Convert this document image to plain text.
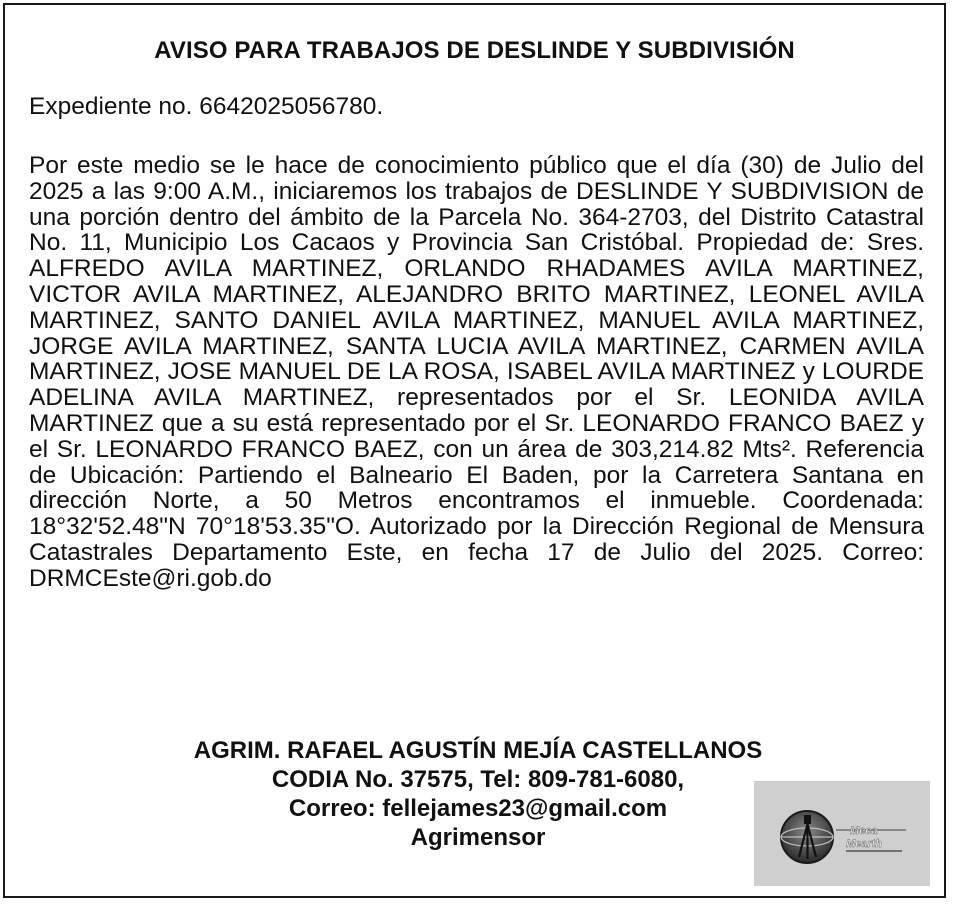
AVISO PARA TRABAJOS DE DESLINDE Y SUBDIVISIÓN
Expediente no. 6642025056780.
Por este medio se le hace de conocimiento público que el día (30) de Julio del 2025 a las 9:00 A.M., iniciaremos los trabajos de DESLINDE Y SUBDIVISION de una porción dentro del ámbito de la Parcela No. 364-2703, del Distrito Catastral No. 11, Municipio Los Cacaos y Provincia San Cristóbal. Propiedad de: Sres. ALFREDO AVILA MARTINEZ, ORLANDO RHADAMES AVILA MARTINEZ, VICTOR AVILA MARTINEZ, ALEJANDRO BRITO MARTINEZ, LEONEL AVILA MARTINEZ, SANTO DANIEL AVILA MARTINEZ, MANUEL AVILA MARTINEZ, JORGE AVILA MARTINEZ, SANTA LUCIA AVILA MARTINEZ, CARMEN AVILA MARTINEZ, JOSE MANUEL DE LA ROSA, ISABEL AVILA MARTINEZ y LOURDE ADELINA AVILA MARTINEZ, representados por el Sr. LEONIDA AVILA MARTINEZ que a su está representado por el Sr. LEONARDO FRANCO BAEZ y el Sr. LEONARDO FRANCO BAEZ, con un área de 303,214.82 Mts². Referencia de Ubicación: Partiendo el Balneario El Baden, por la Carretera Santana en dirección Norte, a 50 Metros encontramos el inmueble. Coordenada: 18°32'52.48"N 70°18'53.35"O. Autorizado por la Dirección Regional de Mensura Catastrales Departamento Este, en fecha 17 de Julio del 2025. Correo: DRMCEste@ri.gob.do
AGRIM. RAFAEL AGUSTÍN MEJÍA CASTELLANOS
CODIA No. 37575, Tel: 809-781-6080,
Correo: fellejames23@gmail.com
Agrimensor	Meca
Mearth
